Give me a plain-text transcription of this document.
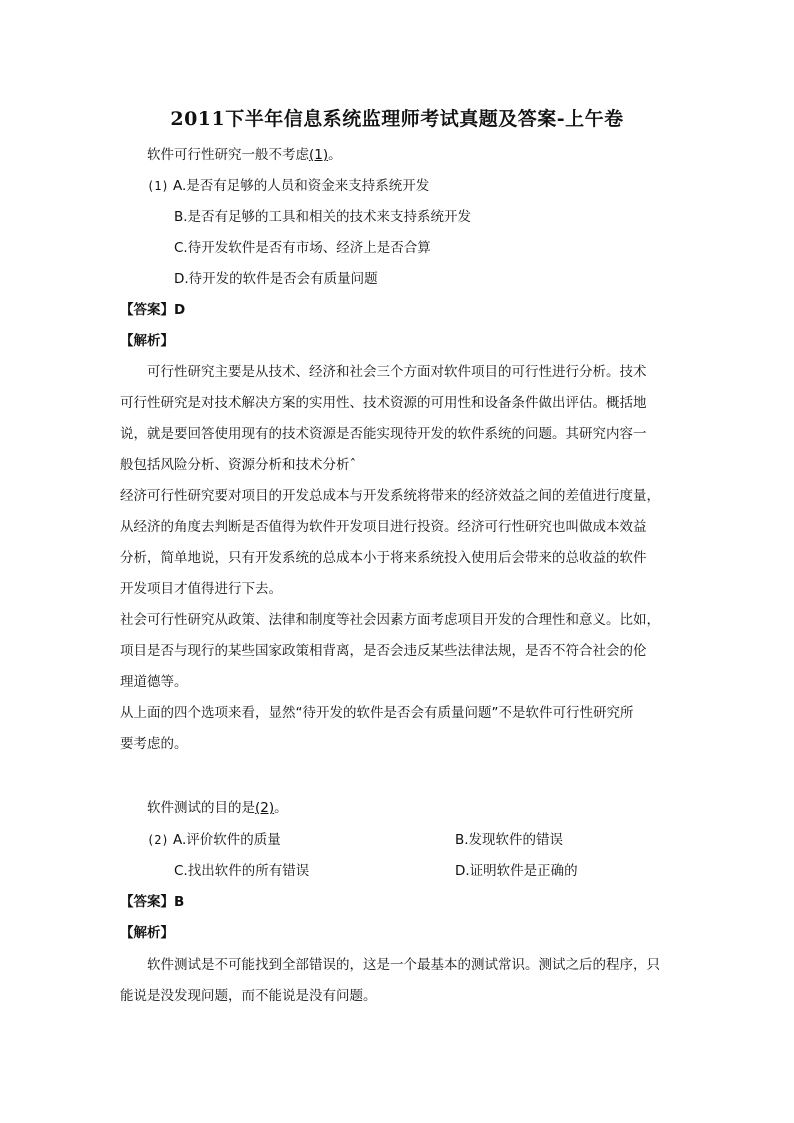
2011下半年信息系统监理师考试真题及答案-上午卷
软件可行性研究一般不考虑(1)。
(1) A.是否有足够的人员和资金来支持系统开发
B.是否有足够的工具和相关的技术来支持系统开发
C.待开发软件是否有市场、经济上是否合算
D.待开发的软件是否会有质量问题
【答案】D
【解析】
可行性研究主要是从技术、经济和社会三个方面对软件项目的可行性进行分析。技术
可行性研究是对技术解决方案的实用性、技术资源的可用性和设备条件做出评估。概括地
说，就是要回答使用现有的技术资源是否能实现待开发的软件系统的问题。其研究内容一
般包括风险分析、资源分析和技术分析ˆ
经济可行性研究要对项目的开发总成本与开发系统将带来的经济效益之间的差值进行度量，
从经济的角度去判断是否值得为软件开发项目进行投资。经济可行性研究也叫做成本效益
分析，简单地说，只有开发系统的总成本小于将来系统投入使用后会带来的总收益的软件
开发项目才值得进行下去。
社会可行性研究从政策、法律和制度等社会因素方面考虑项目开发的合理性和意义。比如，
项目是否与现行的某些国家政策相背离，是否会违反某些法律法规，是否不符合社会的伦
理道德等。
从上面的四个选项来看，显然“待开发的软件是否会有质量问题”不是软件可行性研究所
要考虑的。
软件测试的目的是(2)。
(2) A.评价软件的质量	B.发现软件的错误
C.找出软件的所有错误	D.证明软件是正确的
【答案】B
【解析】
软件测试是不可能找到全部错误的，这是一个最基本的测试常识。测试之后的程序，只
能说是没发现问题，而不能说是没有问题。
